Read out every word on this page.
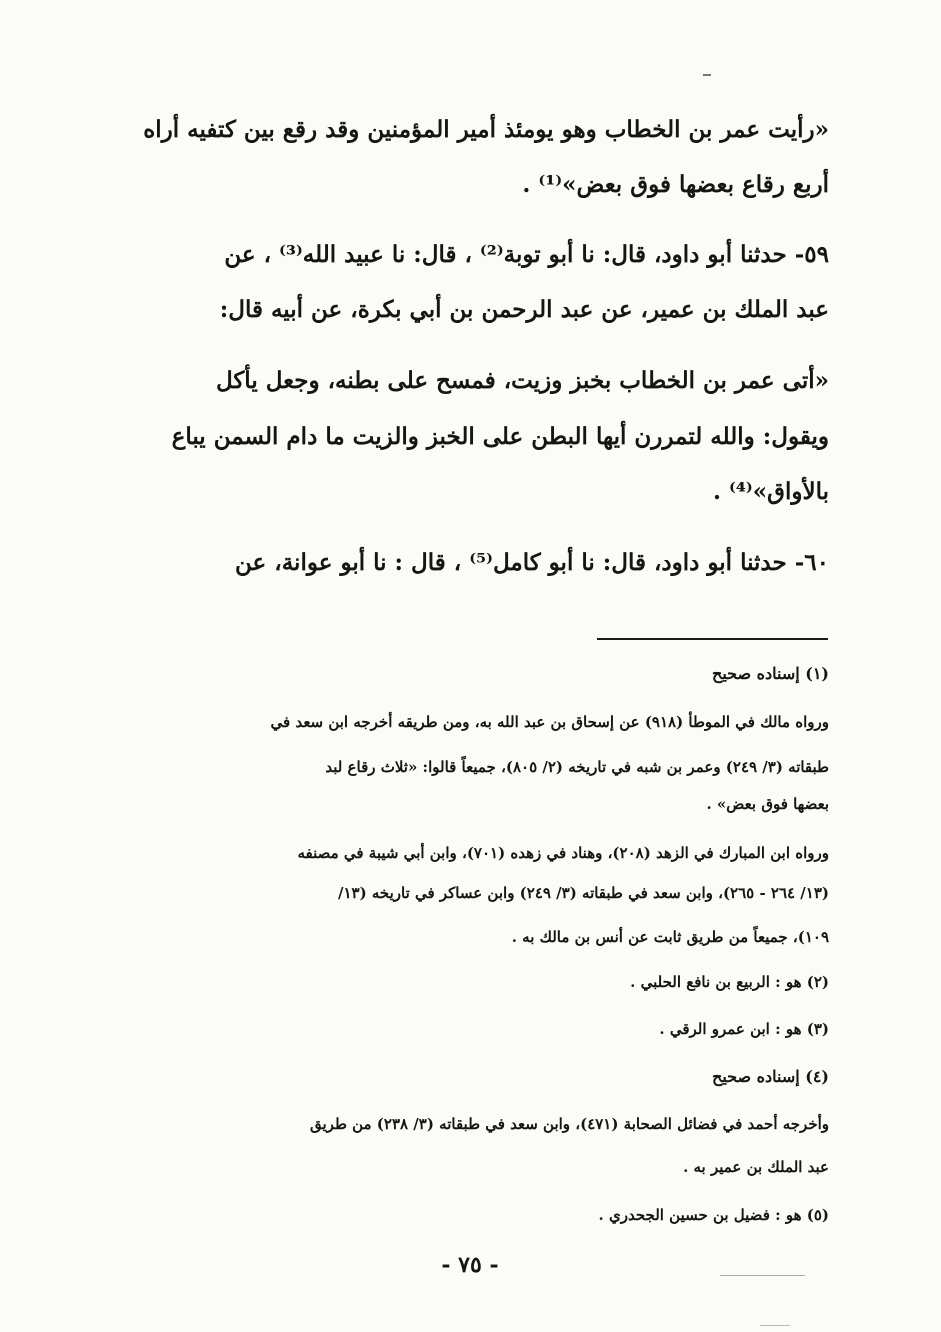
«رأيت عمر بن الخطاب وهو يومئذ أمير المؤمنين وقد رقع بين كتفيه أراه
أربع رقاع بعضها فوق بعض»⁽¹⁾ .
٥٩- حدثنا أبو داود، قال: نا أبو توبة⁽²⁾ ، قال: نا عبيد الله⁽³⁾ ، عن
عبد الملك بن عمير، عن عبد الرحمن بن أبي بكرة، عن أبيه قال:
«أتى عمر بن الخطاب بخبز وزيت، فمسح على بطنه، وجعل يأكل
ويقول: والله لتمررن أيها البطن على الخبز والزيت ما دام السمن يباع
بالأواق»⁽⁴⁾ .
٦٠- حدثنا أبو داود، قال: نا أبو كامل⁽⁵⁾ ، قال : نا أبو عوانة، عن
(١) إسناده صحيح
ورواه مالك في الموطأ (٩١٨) عن إسحاق بن عبد الله به، ومن طريقه أخرجه ابن سعد في
طبقاته (٣/ ٢٤٩) وعمر بن شبه في تاريخه (٢/ ٨٠٥)، جميعاً قالوا: «ثلاث رقاع لبد
بعضها فوق بعض» .
ورواه ابن المبارك في الزهد (٢٠٨)، وهناد في زهده (٧٠١)، وابن أبي شيبة في مصنفه
(١٣/ ٢٦٤ - ٢٦٥)، وابن سعد في طبقاته (٣/ ٢٤٩) وابن عساكر في تاريخه (١٣/
١٠٩)، جميعاً من طريق ثابت عن أنس بن مالك به .
(٢) هو : الربيع بن نافع الحلبي .
(٣) هو : ابن عمرو الرقي .
(٤) إسناده صحيح
وأخرجه أحمد في فضائل الصحابة (٤٧١)، وابن سعد في طبقاته (٣/ ٢٣٨) من طريق
عبد الملك بن عمير به .
(٥) هو : فضيل بن حسين الجحدري .
- ٧٥ -
